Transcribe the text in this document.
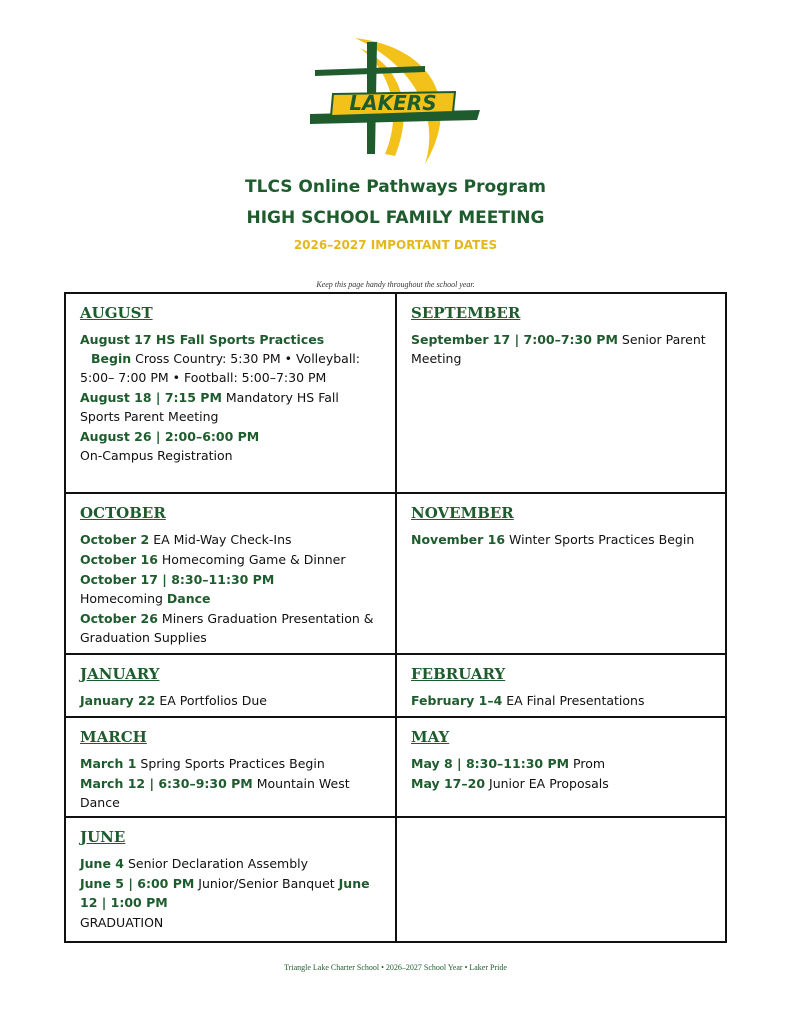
LAKERS
TLCS Online Pathways Program
HIGH SCHOOL FAMILY MEETING
2026–2027 IMPORTANT DATES
Keep this page handy throughout the school year.
AUGUST
August 17 HS Fall Sports Practices
Begin Cross Country: 5:30 PM • Volleyball: 5:00– 7:00 PM • Football: 5:00–7:30 PM
August 18 | 7:15 PM Mandatory HS Fall Sports Parent Meeting
August 26 | 2:00–6:00 PM
On-Campus Registration
SEPTEMBER
September 17 | 7:00–7:30 PM Senior Parent Meeting
OCTOBER
October 2 EA Mid-Way Check-Ins
October 16 Homecoming Game & Dinner
October 17 | 8:30–11:30 PM
Homecoming Dance
October 26 Miners Graduation Presentation & Graduation Supplies
NOVEMBER
November 16 Winter Sports Practices Begin
JANUARY
January 22 EA Portfolios Due
FEBRUARY
February 1–4 EA Final Presentations
MARCH
March 1 Spring Sports Practices Begin
March 12 | 6:30–9:30 PM Mountain West Dance
MAY
May 8 | 8:30–11:30 PM Prom
May 17–20 Junior EA Proposals
JUNE
June 4 Senior Declaration Assembly
June 5 | 6:00 PM Junior/Senior Banquet June 12 | 1:00 PM
GRADUATION
Triangle Lake Charter School • 2026–2027 School Year • Laker Pride
